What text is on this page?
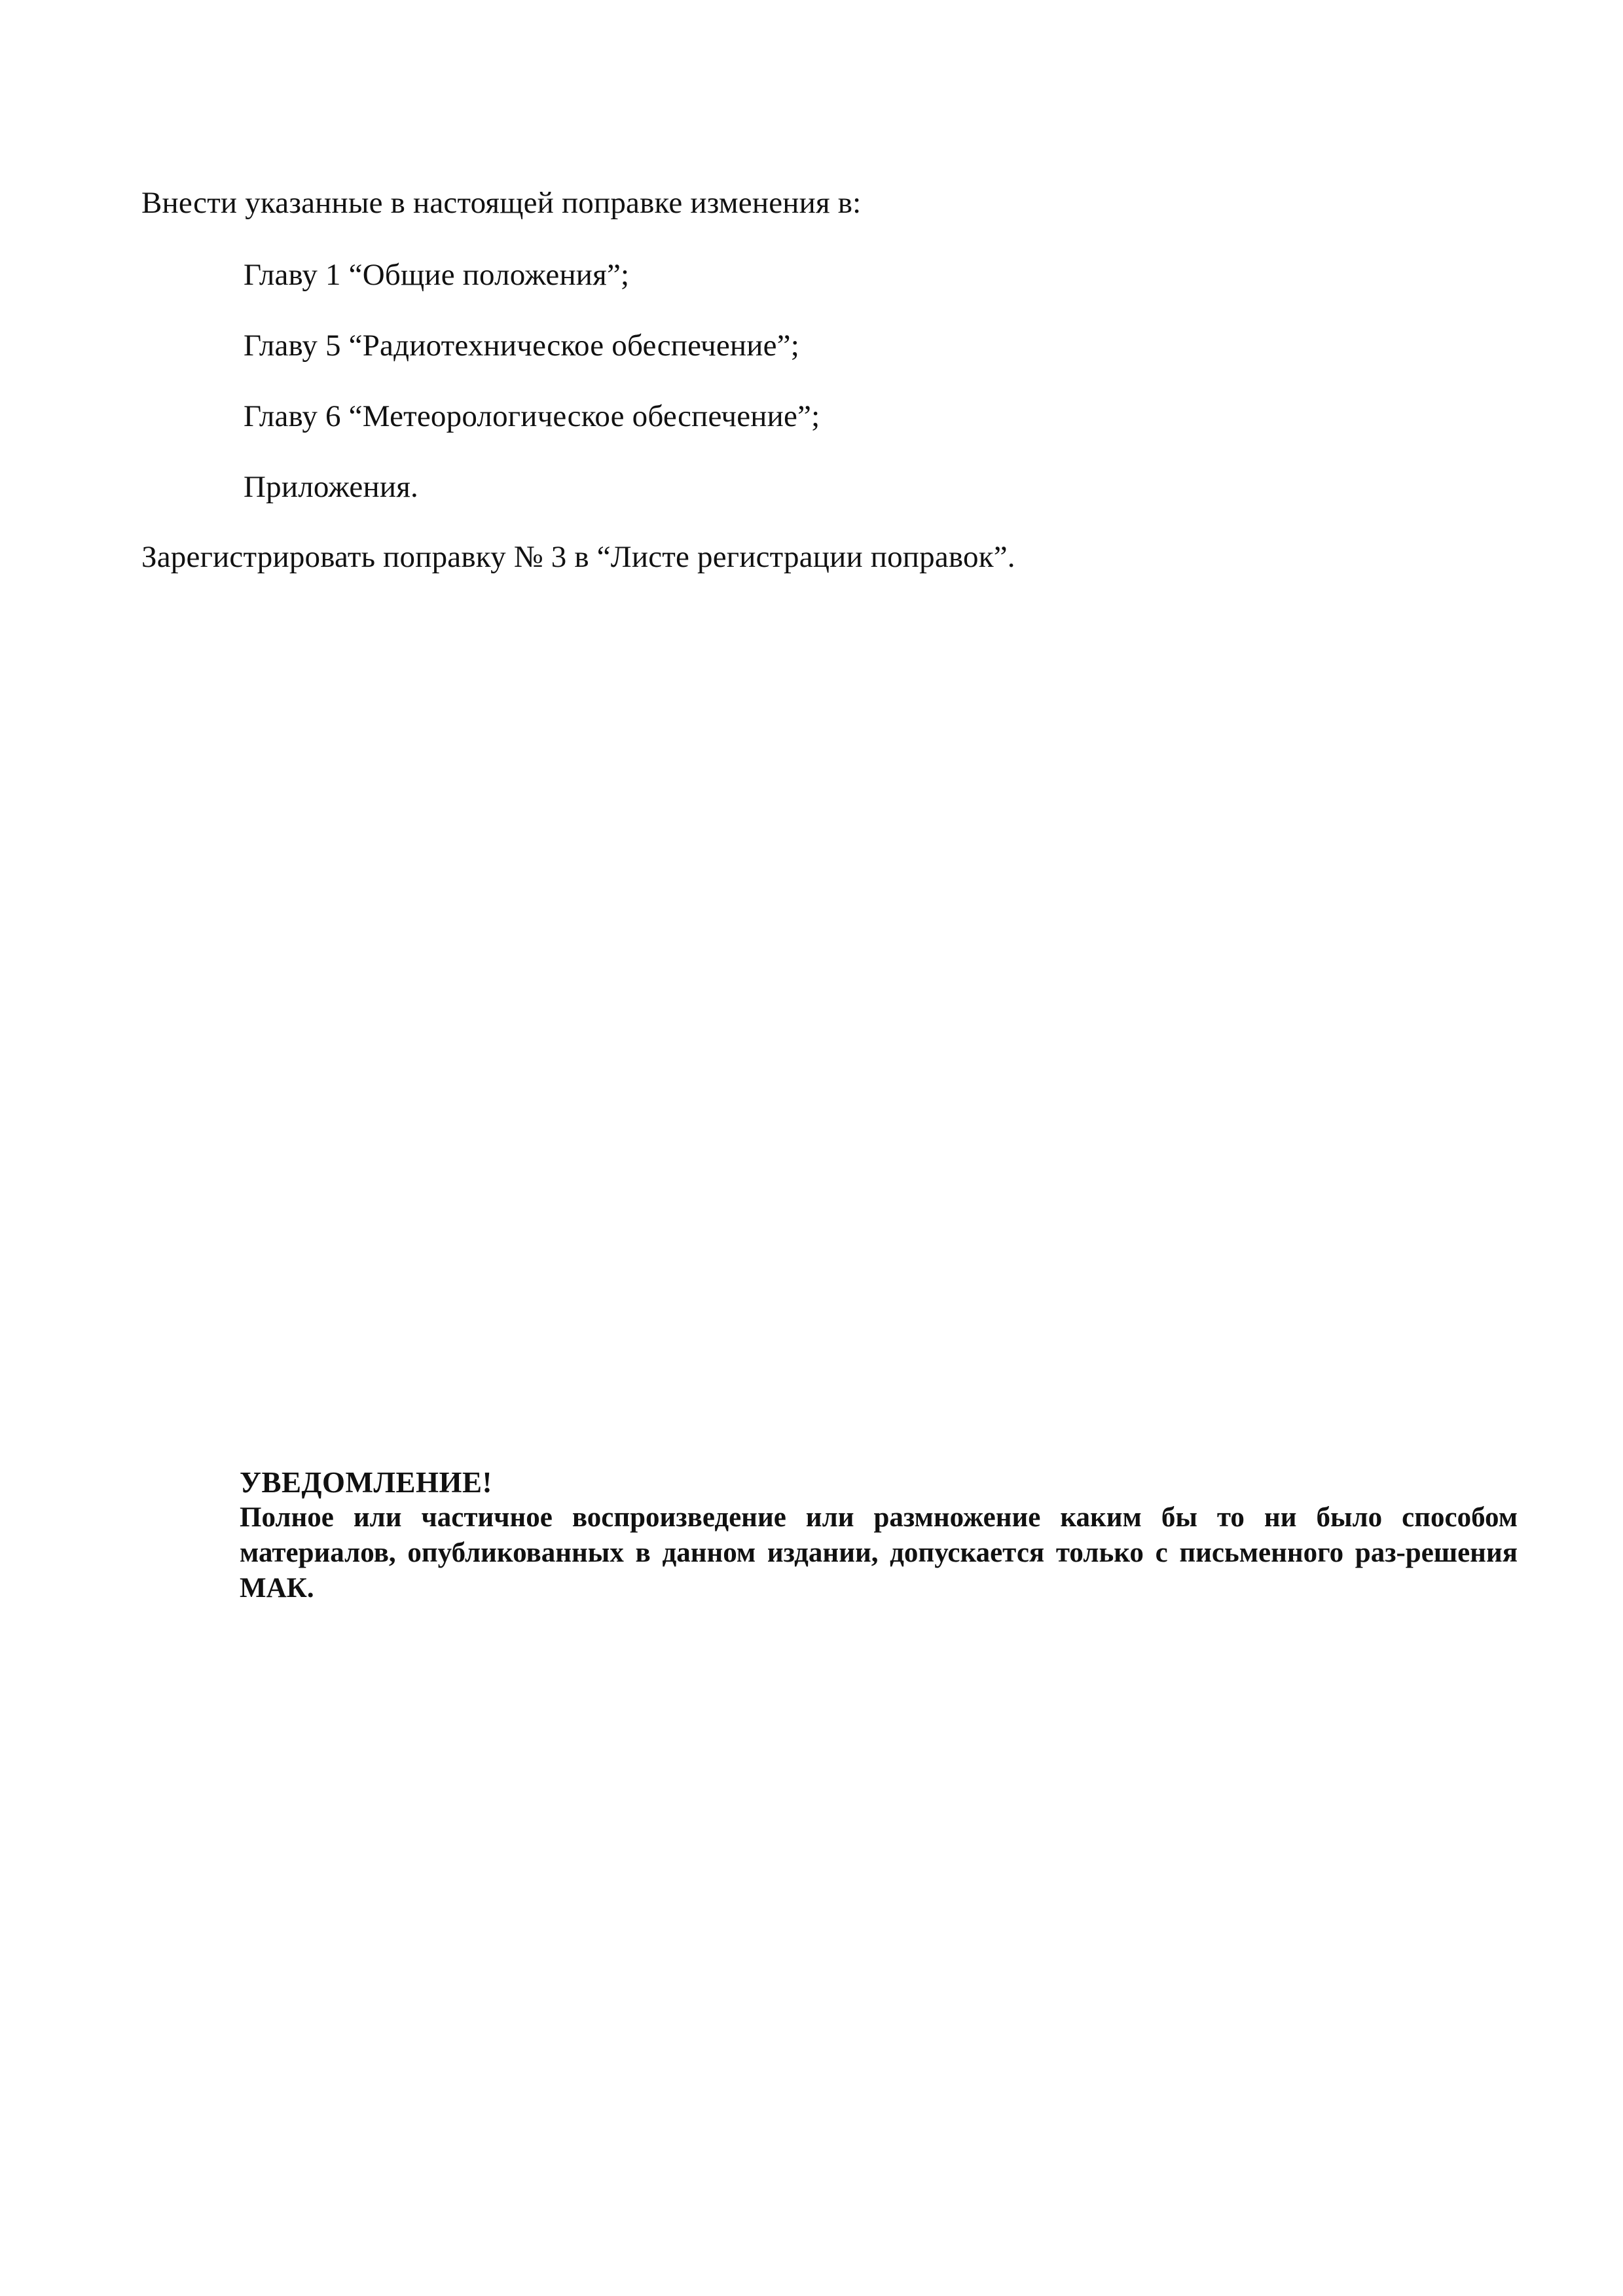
Внести указанные в настоящей поправке изменения в:
Главу 1 “Общие положения”;
Главу 5 “Радиотехническое обеспечение”;
Главу 6 “Метеорологическое обеспечение”;
Приложения.
Зарегистрировать поправку № 3 в “Листе регистрации поправок”.
УВЕДОМЛЕНИЕ!
Полное или частичное воспроизведение или размножение каким бы то ни было способом материалов, опубликованных в данном издании, допускается только с письменного раз-решения МАК.
